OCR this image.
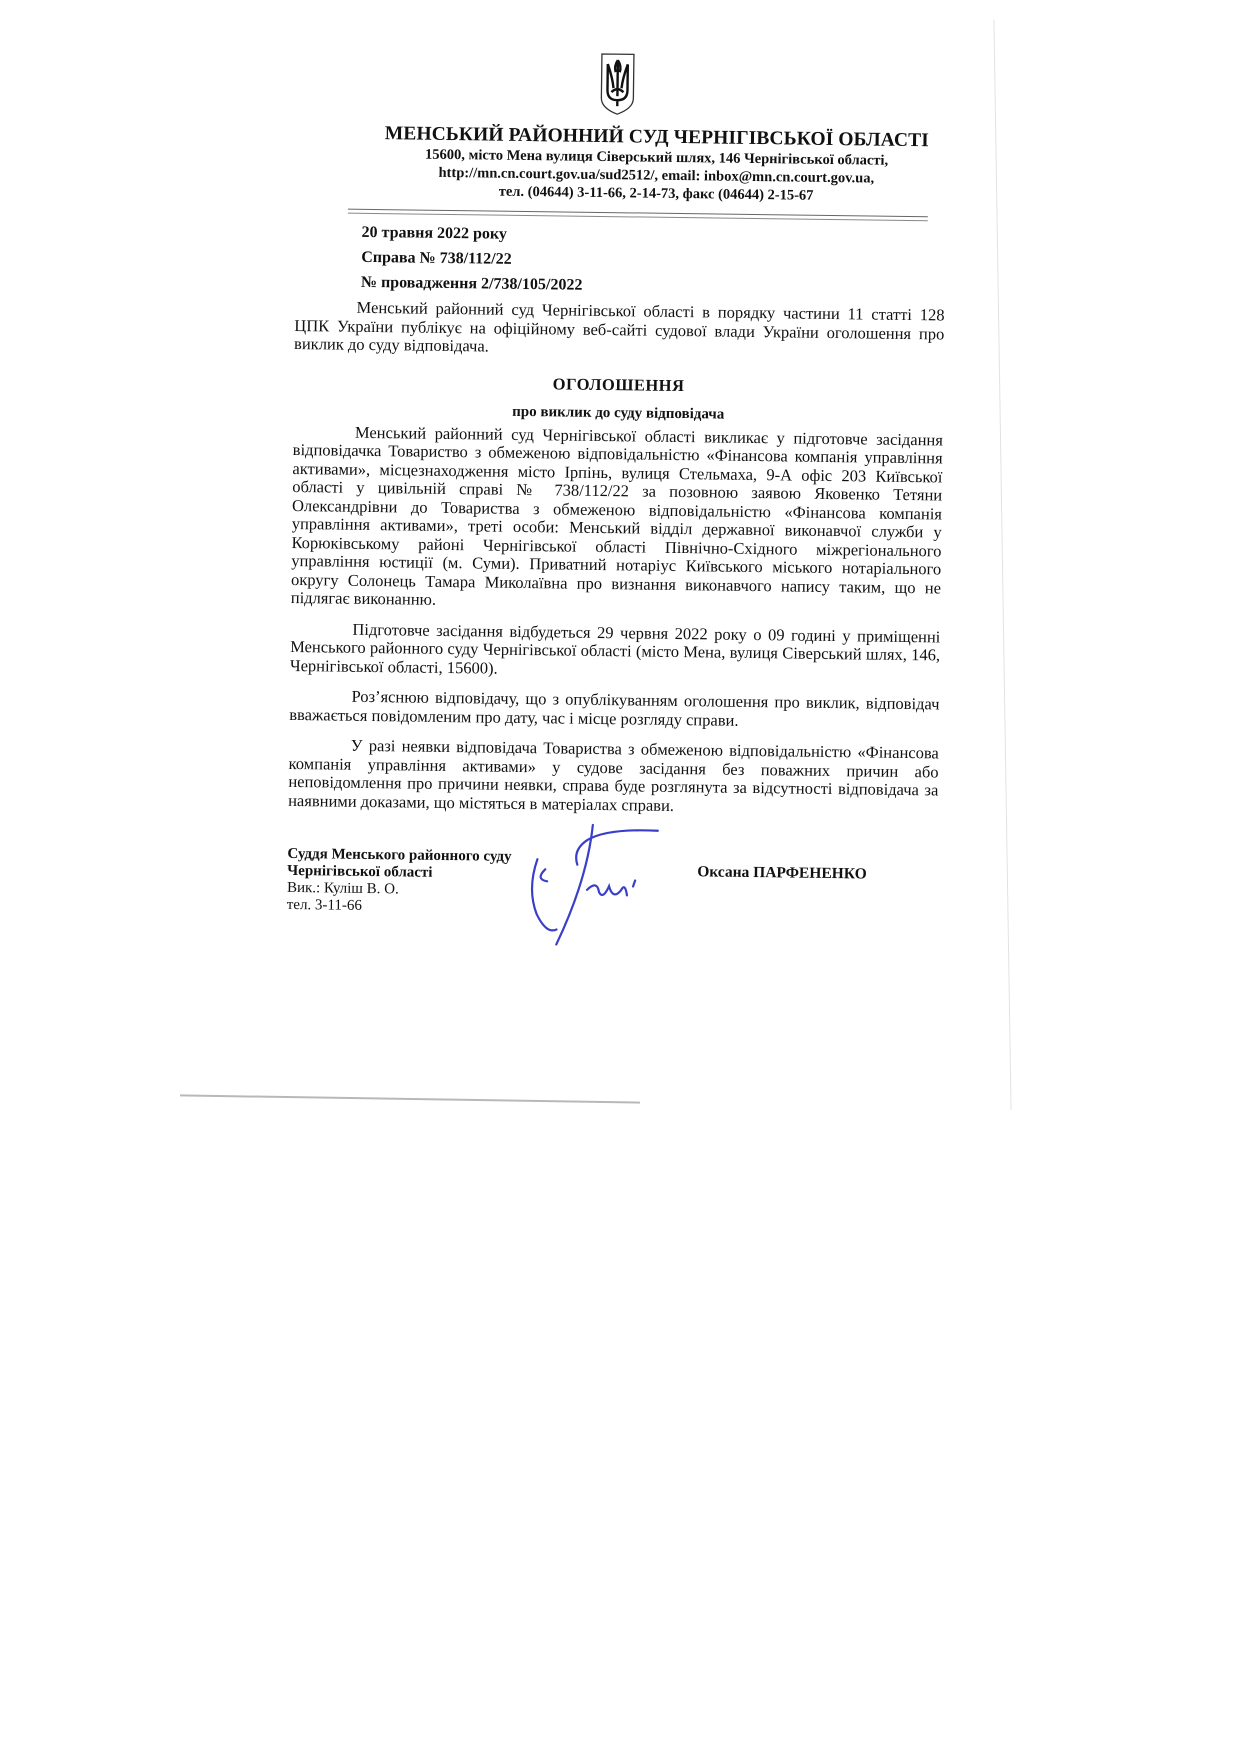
МЕНСЬКИЙ РАЙОННИЙ СУД ЧЕРНІГІВСЬКОЇ ОБЛАСТІ
15600, місто Мена вулиця Сіверський шлях, 146 Чернігівської області,
http://mn.cn.court.gov.ua/sud2512/, email: inbox@mn.cn.court.gov.ua,
тел. (04644) 3-11-66, 2-14-73, факс (04644) 2-15-67
20 травня 2022 року
Справа № 738/112/22
№ провадження 2/738/105/2022

Менський районний суд Чернігівської області в порядку частини 11 статті 128 ЦПК України публікує на офіційному веб-сайті судової влади України оголошення про виклик до суду відповідача.

ОГОЛОШЕННЯ
про виклик до суду відповідача

Менський районний суд Чернігівської області викликає у підготовче засідання відповідачка Товариство з обмеженою відповідальністю «Фінансова компанія управління активами», місцезнаходження місто Ірпінь, вулиця Стельмаха, 9-А офіс 203 Київської області у цивільній справі № 738/112/22 за позовною заявою Яковенко Тетяни Олександрівни до Товариства з обмеженою відповідальністю «Фінансова компанія управління активами», треті особи: Менський відділ державної виконавчої служби у Корюківському районі Чернігівської області Північно-Східного міжрегіонального управління юстиції (м. Суми). Приватний нотаріус Київського міського нотаріального округу Солонець Тамара Миколаївна про визнання виконавчого напису таким, що не підлягає виконанню.

Підготовче засідання відбудеться 29 червня 2022 року о 09 годині у приміщенні Менського районного суду Чернігівської області (місто Мена, вулиця Сіверський шлях, 146, Чернігівської області, 15600).

Роз’яснюю відповідачу, що з опублікуванням оголошення про виклик, відповідач вважається повідомленим про дату, час і місце розгляду справи.

У разі неявки відповідача Товариства з обмеженою відповідальністю «Фінансова компанія управління активами» у судове засідання без поважних причин або неповідомлення про причини неявки, справа буде розглянута за відсутності відповідача за наявними доказами, що містяться в матеріалах справи.

Суддя Менського районного суду
Чернігівської області
Вик.: Куліш В. О.
тел. 3-11-66
Оксана ПАРФЕНЕНКО
